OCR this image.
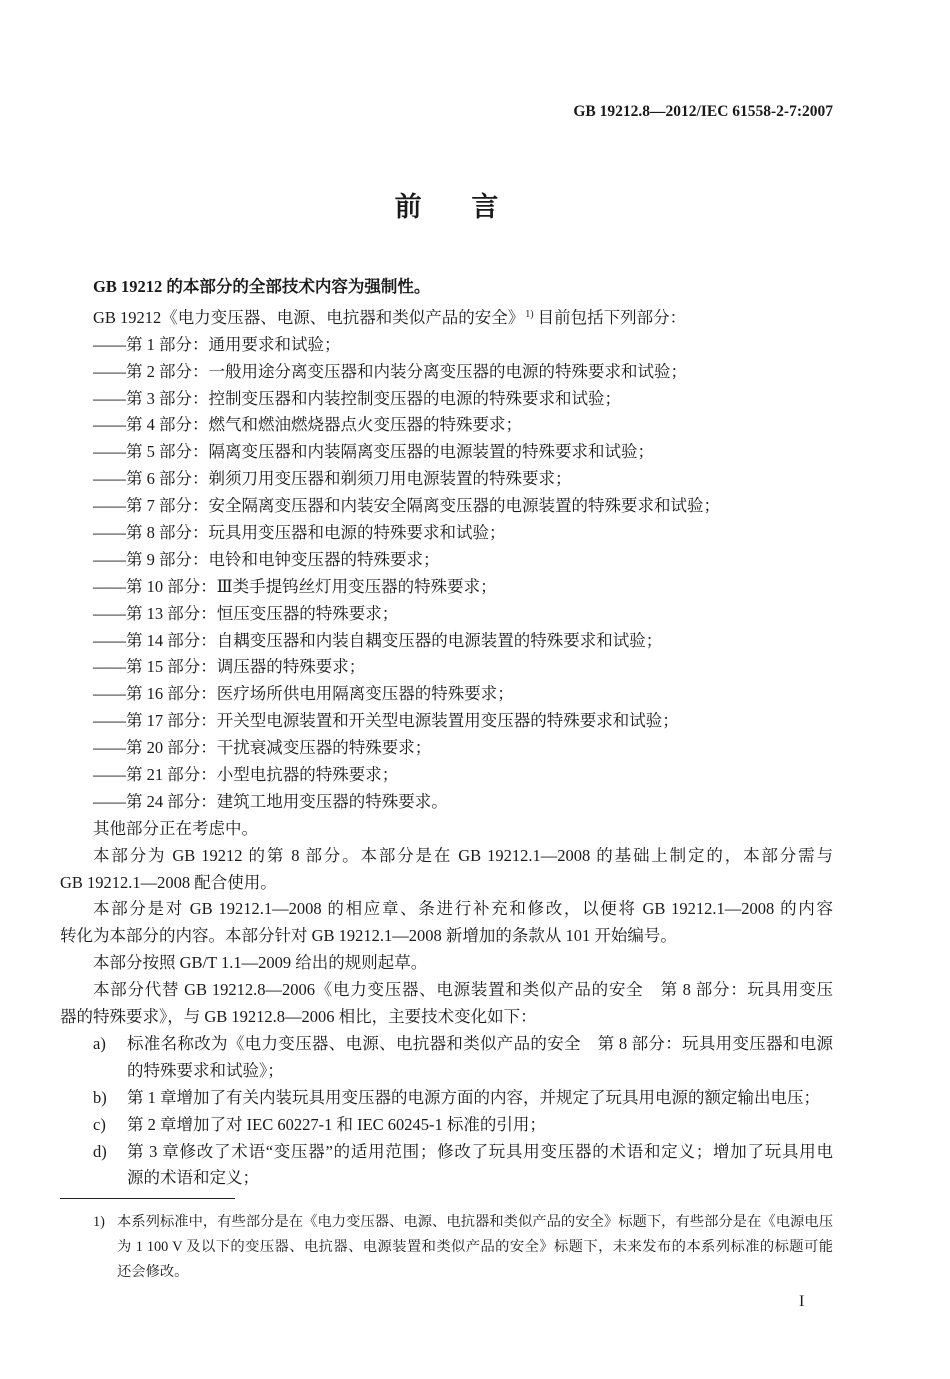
GB 19212.8—2012/IEC 61558-2-7:2007
前　言
GB 19212 的本部分的全部技术内容为强制性。
GB 19212《电力变压器、电源、电抗器和类似产品的安全》$^{1)}$ 目前包括下列部分：
——第 1 部分：通用要求和试验；
——第 2 部分：一般用途分离变压器和内装分离变压器的电源的特殊要求和试验；
——第 3 部分：控制变压器和内装控制变压器的电源的特殊要求和试验；
——第 4 部分：燃气和燃油燃烧器点火变压器的特殊要求；
——第 5 部分：隔离变压器和内装隔离变压器的电源装置的特殊要求和试验；
——第 6 部分：剃须刀用变压器和剃须刀用电源装置的特殊要求；
——第 7 部分：安全隔离变压器和内装安全隔离变压器的电源装置的特殊要求和试验；
——第 8 部分：玩具用变压器和电源的特殊要求和试验；
——第 9 部分：电铃和电钟变压器的特殊要求；
——第 10 部分：Ⅲ类手提钨丝灯用变压器的特殊要求；
——第 13 部分：恒压变压器的特殊要求；
——第 14 部分：自耦变压器和内装自耦变压器的电源装置的特殊要求和试验；
——第 15 部分：调压器的特殊要求；
——第 16 部分：医疗场所供电用隔离变压器的特殊要求；
——第 17 部分：开关型电源装置和开关型电源装置用变压器的特殊要求和试验；
——第 20 部分：干扰衰减变压器的特殊要求；
——第 21 部分：小型电抗器的特殊要求；
——第 24 部分：建筑工地用变压器的特殊要求。
其他部分正在考虑中。
本部分为 GB 19212 的第 8 部分。本部分是在 GB 19212.1—2008 的基础上制定的，本部分需与
GB 19212.1—2008 配合使用。
本部分是对 GB 19212.1—2008 的相应章、条进行补充和修改，以便将 GB 19212.1—2008 的内容
转化为本部分的内容。本部分针对 GB 19212.1—2008 新增加的条款从 101 开始编号。
本部分按照 GB/T 1.1—2009 给出的规则起草。
本部分代替 GB 19212.8—2006《电力变压器、电源装置和类似产品的安全　第 8 部分：玩具用变压
器的特殊要求》，与 GB 19212.8—2006 相比，主要技术变化如下：
a) 标准名称改为《电力变压器、电源、电抗器和类似产品的安全　第 8 部分：玩具用变压器和电源
的特殊要求和试验》；
b) 第 1 章增加了有关内装玩具用变压器的电源方面的内容，并规定了玩具用电源的额定输出电压；
c) 第 2 章增加了对 IEC 60227-1 和 IEC 60245-1 标准的引用；
d) 第 3 章修改了术语“变压器”的适用范围；修改了玩具用变压器的术语和定义；增加了玩具用电
源的术语和定义；
1) 本系列标准中，有些部分是在《电力变压器、电源、电抗器和类似产品的安全》标题下，有些部分是在《电源电压
为 1 100 V 及以下的变压器、电抗器、电源装置和类似产品的安全》标题下，未来发布的本系列标准的标题可能
还会修改。
I
